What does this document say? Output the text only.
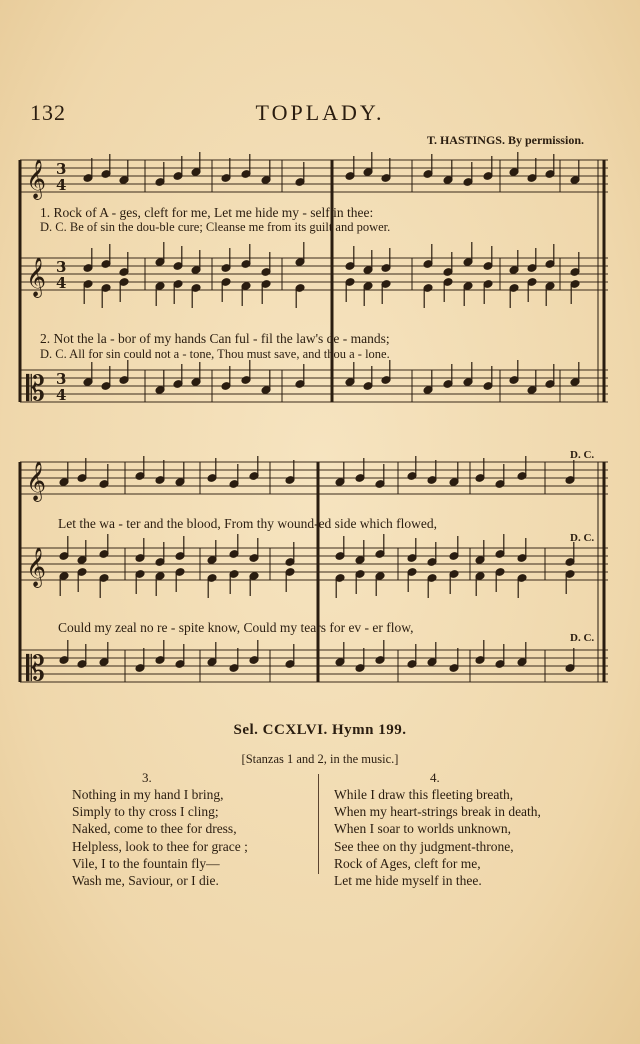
𝄞
𝄞
𝄡
𝄞
𝄞
𝄡
3
4
3
4
3
4
132	TOPLADY.
T. HASTINGS. By permission.
1. Rock of A - ges, cleft for me, Let me hide my - self in thee:
D. C. Be of sin the dou-ble cure; Cleanse me from its guilt and power.
2. Not the la - bor of my hands Can ful - fil the law's de - mands;
D. C. All for sin could not a - tone, Thou must save, and thou a - lone.
D. C.
D. C.
D. C.
Let the wa - ter and the blood, From thy wound-ed side which flowed,
Could my zeal no re - spite know, Could my tears for ev - er flow,
Sel. CCXLVI. Hymn 199.
[Stanzas 1 and 2, in the music.]
3.
Nothing in my hand I bring,
Simply to thy cross I cling;
Naked, come to thee for dress,
Helpless, look to thee for grace ;
Vile, I to the fountain fly—
Wash me, Saviour, or I die.
4.
While I draw this fleeting breath,
When my heart-strings break in death,
When I soar to worlds unknown,
See thee on thy judgment-throne,
Rock of Ages, cleft for me,
Let me hide myself in thee.
